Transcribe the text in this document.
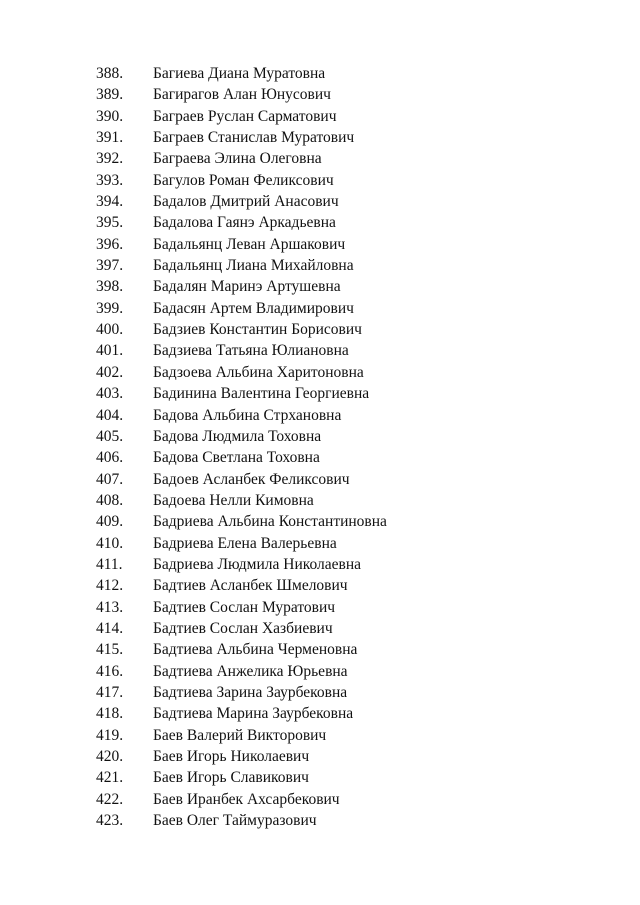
388. Багиева Диана Муратовна
389. Багирагов Алан Юнусович
390. Баграев Руслан Сарматович
391. Баграев Станислав Муратович
392. Баграева Элина Олеговна
393. Багулов Роман Феликсович
394. Бадалов Дмитрий Анасович
395. Бадалова Гаянэ Аркадьевна
396. Бадальянц Леван Аршакович
397. Бадальянц Лиана Михайловна
398. Бадалян Маринэ Артушевна
399. Бадасян Артем Владимирович
400. Бадзиев Константин Борисович
401. Бадзиева Татьяна Юлиановна
402. Бадзоева Альбина Харитоновна
403. Бадинина Валентина Георгиевна
404. Бадова Альбина Стрхановна
405. Бадова Людмила Тоховна
406. Бадова Светлана Тоховна
407. Бадоев Асланбек Феликсович
408. Бадоева Нелли Кимовна
409. Бадриева Альбина Константиновна
410. Бадриева Елена Валерьевна
411. Бадриева Людмила Николаевна
412. Бадтиев Асланбек Шмелович
413. Бадтиев Сослан Муратович
414. Бадтиев Сослан Хазбиевич
415. Бадтиева Альбина Черменовна
416. Бадтиева Анжелика Юрьевна
417. Бадтиева Зарина Заурбековна
418. Бадтиева Марина Заурбековна
419. Баев Валерий Викторович
420. Баев Игорь Николаевич
421. Баев Игорь Славикович
422. Баев Иранбек Ахсарбекович
423. Баев Олег Таймуразович
